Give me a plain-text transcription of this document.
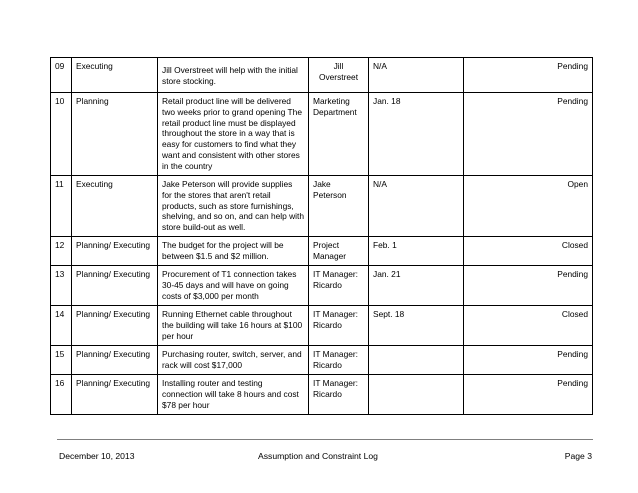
09	Executing	Jill Overstreet will help with the initial store stocking.	Jill Overstreet	N/A	Pending
10	Planning	Retail product line will be delivered two weeks prior to grand opening The retail product line must be displayed throughout the store in a way that is easy for customers to find what they want and consistent with other stores in the country	Marketing Department	Jan. 18	Pending
11	Executing	Jake Peterson will provide supplies for the stores that aren't retail products, such as store furnishings, shelving, and so on, and can help with store build-out as well.	Jake Peterson	N/A	Open
12	Planning/ Executing	The budget for the project will be between $1.5 and $2 million.	Project Manager	Feb. 1	Closed
13	Planning/ Executing	Procurement of T1 connection takes 30-45 days and will have on going costs of $3,000 per month	IT Manager: Ricardo	Jan. 21	Pending
14	Planning/ Executing	Running Ethernet cable throughout the building will take 16 hours at $100 per hour	IT Manager: Ricardo	Sept. 18	Closed
15	Planning/ Executing	Purchasing router, switch, server, and rack will cost $17,000	IT Manager: Ricardo		Pending
16	Planning/ Executing	Installing router and testing connection will take 8 hours and cost $78 per hour	IT Manager: Ricardo		Pending
December 10, 2013	Assumption and Constraint Log	Page 3
